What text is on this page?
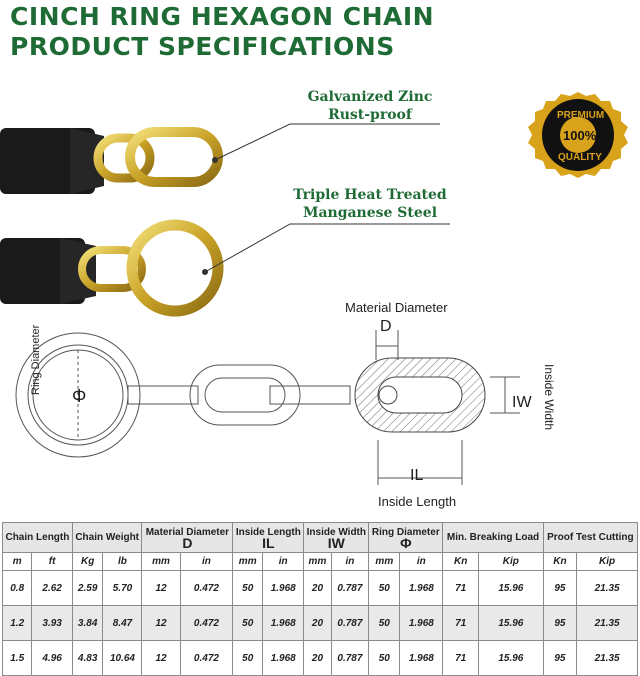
CINCH RING HEXAGON CHAIN
PRODUCT SPECIFICATIONS
Galvanized Zinc
Rust-proof
Triple Heat Treated
Manganese Steel
PREMIUM
100%
QUALITY
Material Diameter
D
Ring Diameter
Φ	IW Inside Width
IL
Inside Length
Chain Length		Chain Weight		Material Diameter
D		Inside Length
IL		Inside Width
IW		Ring Diameter
Φ		Min. Breaking Load		Proof Test Cutting	
m	ft	Kg	lb	mm	in	mm	in	mm	in	mm	in	Kn	Kip	Kn	Kip
0.8	2.62	2.59	5.70	12	0.472	50	1.968	20	0.787	50	1.968	71	15.96	95	21.35
1.2	3.93	3.84	8.47	12	0.472	50	1.968	20	0.787	50	1.968	71	15.96	95	21.35
1.5	4.96	4.83	10.64	12	0.472	50	1.968	20	0.787	50	1.968	71	15.96	95	21.35
